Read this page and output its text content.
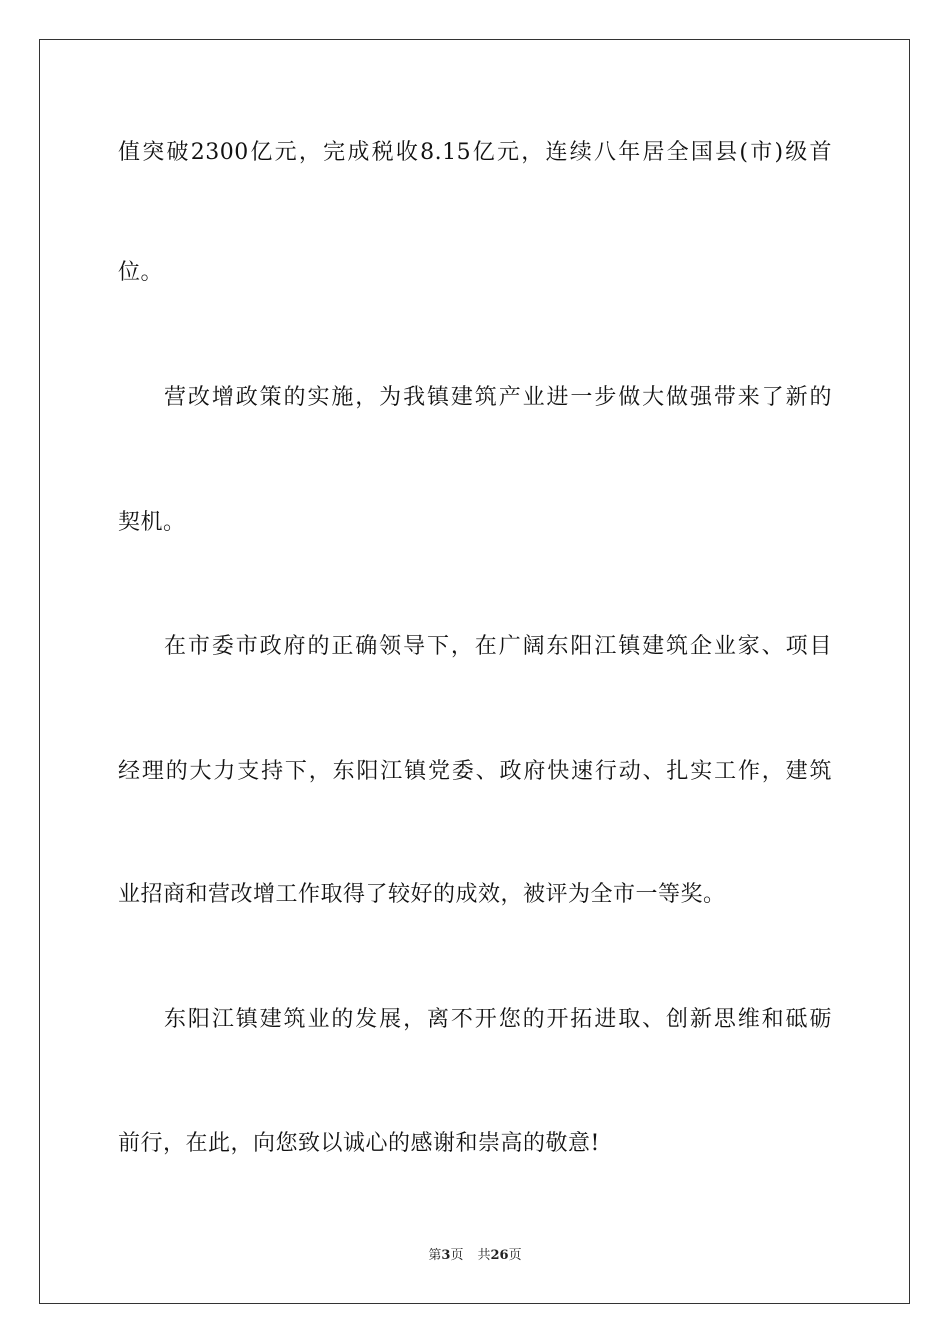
值突破2300亿元，完成税收8.15亿元，连续八年居全国县(市)级首
位。
营改增政策的实施，为我镇建筑产业进一步做大做强带来了新的
契机。
在市委市政府的正确领导下，在广阔东阳江镇建筑企业家、项目
经理的大力支持下，东阳江镇党委、政府快速行动、扎实工作，建筑
业招商和营改增工作取得了较好的成效，被评为全市一等奖。
东阳江镇建筑业的发展，离不开您的开拓进取、创新思维和砥砺
前行，在此，向您致以诚心的感谢和崇高的敬意!
第3页 共26页
